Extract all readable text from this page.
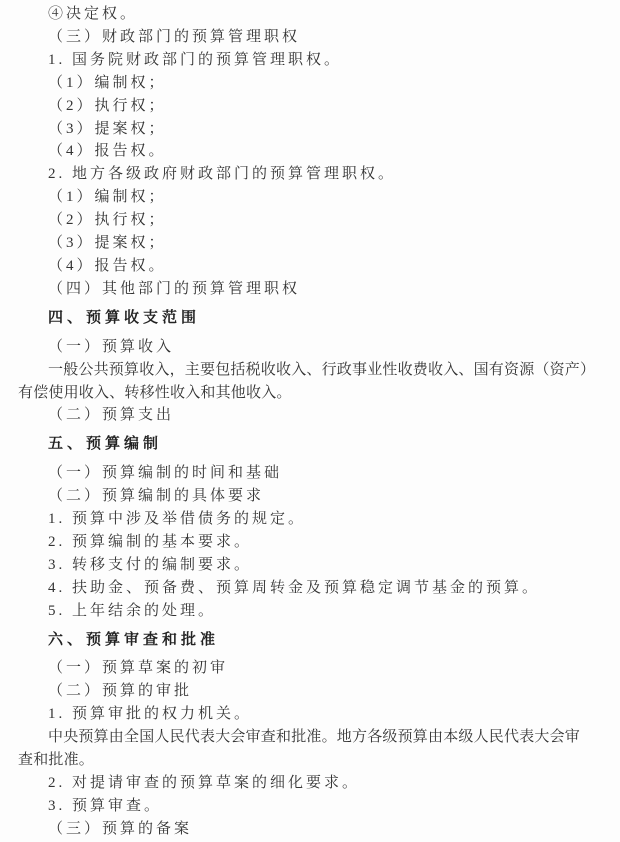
④决定权。

（三）财政部门的预算管理职权

1. 国务院财政部门的预算管理职权。

（1）编制权；

（2）执行权；

（3）提案权；

（4）报告权。

2. 地方各级政府财政部门的预算管理职权。

（1）编制权；

（2）执行权；

（3）提案权；

（4）报告权。

（四）其他部门的预算管理职权

四、预算收支范围

（一）预算收入

一般公共预算收入，主要包括税收收入、行政事业性收费收入、国有资源（资产）

有偿使用收入、转移性收入和其他收入。

（二）预算支出

五、预算编制

（一）预算编制的时间和基础

（二）预算编制的具体要求

1. 预算中涉及举借债务的规定。

2. 预算编制的基本要求。

3. 转移支付的编制要求。

4. 扶助金、预备费、预算周转金及预算稳定调节基金的预算。

5. 上年结余的处理。

六、预算审查和批准

（一）预算草案的初审

（二）预算的审批

1. 预算审批的权力机关。

中央预算由全国人民代表大会审查和批准。地方各级预算由本级人民代表大会审

查和批准。

2. 对提请审查的预算草案的细化要求。

3. 预算审查。

（三）预算的备案
